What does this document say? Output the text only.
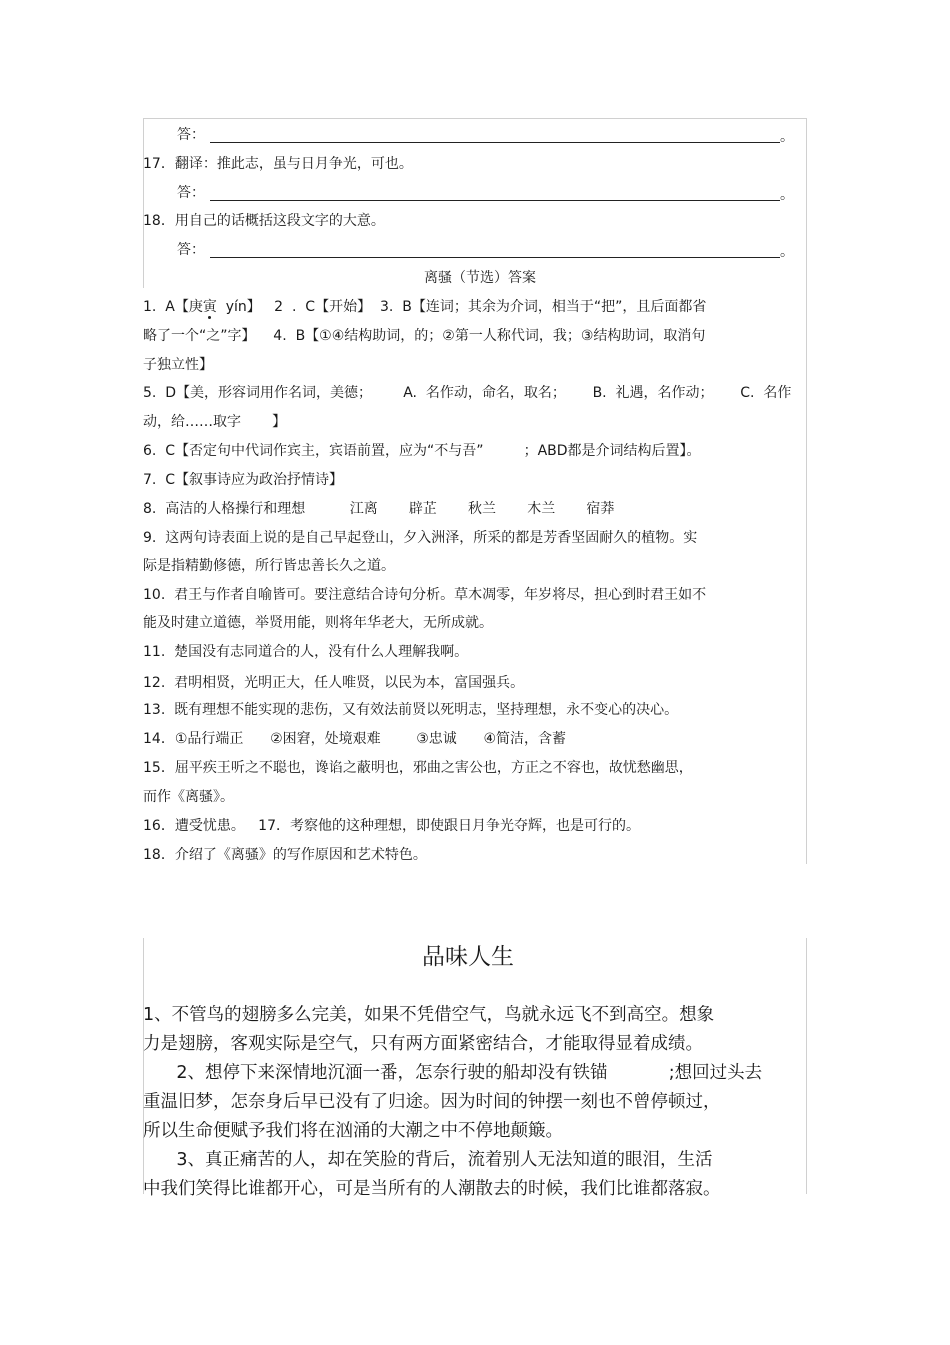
答：	。
17．翻译：推此志，虽与日月争光，可也。
答：	。
18．用自己的话概括这段文字的大意。
答：	。
离骚（节选）答案
1.  A【庚寅  yín】   2  .  C【开始】  3.  B【连词；其余为介词，相当于“把”，且后面都省
略了一个“之”字】    4.  B【①④结构助词，的；②第一人称代词，我；③结构助词，取消句
子独立性】
5.  D【美，形容词用作名词，美德；       A.  名作动，命名，取名；      B.  礼遇，名作动；      C.  名作
动，给……取字       】
6.  C【否定句中代词作宾主，宾语前置，应为“不与吾”         ；ABD都是介词结构后置】。
7.  C【叙事诗应为政治抒情诗】
8.  高洁的人格操行和理想          江离       辟芷       秋兰       木兰       宿莽
9.  这两句诗表面上说的是自己早起登山，夕入洲泽，所采的都是芳香坚固耐久的植物。实
际是指精勤修德，所行皆忠善长久之道。
10.  君王与作者自喻皆可。要注意结合诗句分析。草木凋零，年岁将尽，担心到时君王如不
能及时建立道德，举贤用能，则将年华老大，无所成就。
11.  楚国没有志同道合的人，没有什么人理解我啊。
12.  君明相贤，光明正大，任人唯贤，以民为本，富国强兵。
13.  既有理想不能实现的悲伤，又有效法前贤以死明志，坚持理想，永不变心的决心。
14．①品行端正      ②困窘，处境艰难        ③忠诚      ④简洁，含蓄
15．屈平疾王听之不聪也，谗谄之蔽明也，邪曲之害公也，方正之不容也，故忧愁幽思，
而作《离骚》。
16．遭受忧患。   17．考察他的这种理想，即使跟日月争光夺辉，也是可行的。
18．介绍了《离骚》的写作原因和艺术特色。
品味人生
1、不管鸟的翅膀多么完美，如果不凭借空气，鸟就永远飞不到高空。想象
力是翅膀，客观实际是空气，只有两方面紧密结合，才能取得显着成绩。
2、想停下来深情地沉湎一番，怎奈行驶的船却没有铁锚           ;想回过头去
重温旧梦，怎奈身后早已没有了归途。因为时间的钟摆一刻也不曾停顿过，
所以生命便赋予我们将在汹涌的大潮之中不停地颠簸。
3、真正痛苦的人，却在笑脸的背后，流着别人无法知道的眼泪，生活
中我们笑得比谁都开心，可是当所有的人潮散去的时候，我们比谁都落寂。
